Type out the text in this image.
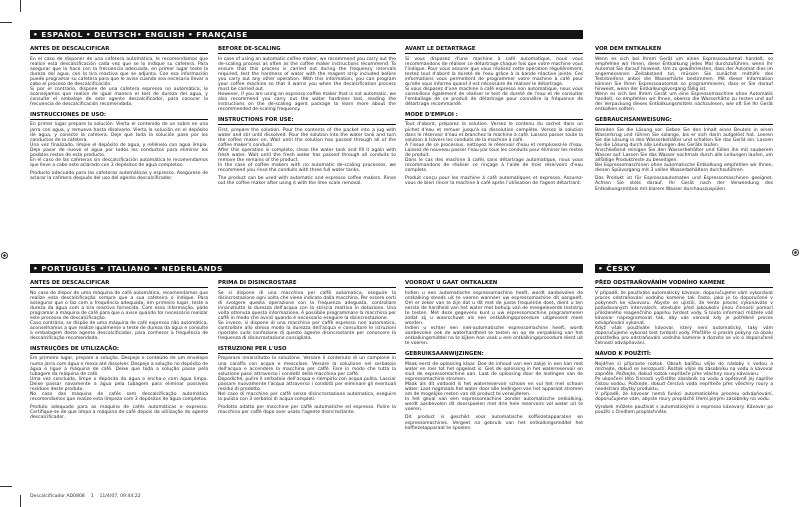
• ESPAÑOL • DEUTSCH• ENGLISH • FRANÇAISE
• PORTUGUÊS • ITALIANO • NEDERLANDS	• ČESKY
ANTES DE DESCALCIFICAR

En el caso de disponer de una cafetera automática, le recomendamos que realice esta descalcificación cada vez que se lo indique su cafetera. Para asegurar que lo hace con la frecuencia adecuada, en primer lugar teste la dureza del agua, con la tira reactiva que se adjunta. Con esa información puede programar su cafetera para que le avise cuando sea necesario llevar a cabo el proceso de descalcificación.

Si por el contrario, dispone de una cafetera espresso no automática, le aconsejamos que realice de igual manera el test de dureza del agua, y consulte el embalaje de este agente descalcificador, para conocer la frecuencia de descalcificación recomendada.

INSTRUCCIONES DE USO:

En primer lugar prepare la solución. Vierta el contenido de un sobre en una jarra con agua, y remueva hasta disolverlo. Vierta la solución en el depósito de agua, y conecte la cafetera. Deje que toda la solución pase por los conductos de la cafetera.

Una vez finalizado, limpie el depósito de agua, y rellénelo con agua limpia. Deje pasar de nuevo el agua por todos los conductos para eliminar los posibles restos de este producto.

En el caso de las cafeteras sin descalcificación automática le recomendamos que lleve a cabo este aclarado con 3 depósitos de agua completos.

Producto adecuado para las cafeteras automáticas y espresso. Asegúrese de aclarar la cafetera después del uso del agente descalcificador.

BEFORE DE-SCALING

In case of using an automatic coffee maker, we recommend you carry out the de-scaling process as often as the coffee maker instructions recommend. To ensure that this process is carried out during the frequency intervals required, test the hardness of water with the reagent strip included before you carry out any other operation. With this information, you can program your coffee machine so that it warns you when the decalcification process must be carried out.

However, if you are using an espresso coffee maker that is not automatic, we also recommend you carry out the water hardness test, reading the instructions on the de-scaling agent package to learn more about the recommended de-scaling frequency.

INSTRUCTIONS FOR USE:

First, prepare the solution. Pour the contents of the packet into a jug with water and stir until dissolved. Pour the solution into the water tank and turn the coffee maker on. Wait until the solution has passed through all of the coffee maker's conduits.

After this operation is complete, clean the water tank and fill it again with fresh water. Wait until the fresh water has passed through all conduits to remove the remains of the product.

In the case of coffee makers with no automatic de-scaling processes, we recommend you rinse the conduits with three full water tanks.

The product can be used with automatic and espresso coffee makers. Rinse out the coffee maker after using it with the lime scale removal.

AVANT LE DETARTRAGE

Si vous disposez d'une machine à café automatique, nous vous recommandons de réaliser ce détartrage chaque fois que votre machine vous l'indique. Pour vous assurer que vous réalisez cette opération régulièrement, testez tout d'abord la dureté de l'eau grâce à la bande réactive jointe. Ces informations vous permettent de programmer votre machine à café pour qu'elle vous informe quand il est nécessaire de réaliser le détartrage.

Si vous disposez d'une machine à café espresso non automatique, nous vous conseillons également de réaliser le test de dureté de l'eau et de consulter l'emballage de ce produit de détartrage pour connaître la fréquence de détartrage recommandé.

MODE D'EMPLOI :

Tout d'abord, préparez la solution. Versez le contenu du sachet dans un pichet d'eau et remuer jusqu'à sa dissolution complète. Versez la solution dans le réservoir d'eau et branchez la machine à café. Laissez passer toute la solution à travers les conduits de la machine à café.

A l'issue de ce processus, nettoyez le réservoir d'eau et remplissez-le d'eau. Laissez de nouveau passer l'eau par tous les conduits pour éliminer les restes de produit.

Dans le cas des machine à cafés sans détartrage automatique, nous vous recommandons de réaliser ce rinçage à l'aide de trois réservoirs d'eau complets.

Produit conçu pour les machine à café automatiques et expresso. Assurez-vous de bien rincer la machine à café après l'utilisation de l'agent détartrant.

VOR DEM ENTKALKEN

Wenn es sich bei Ihrem Gerät um einen Espressoautomat handelt, so empfehlen wir Ihnen, diese Entkalkung jedes Mal durchzuführen, wenn Ihr Automat Sie darauf hinweist. Um zu gewährleisten, dass der Automat dies im angemessenen Zeitabstand tut, müssen Sie zunächst mithilfe des Teststreifens anbei die Wasserhärte bestimmen. Mit dieser Information können Sie Ihren Espressoautomat so programmieren, dass er Sie darauf hinweist, wenn der Entkalkungsvorgang fällig ist.

Wenn es sich bei Ihrem Gerät um eine Espressomaschine ohne Automatik handelt, so empfehlen wir Ihnen, ebenso die Wasserhärte zu testen und auf der Verpackung dieses Entkalkungsmittels nachzulesen, wie oft Sie Ihr Gerät entkalken sollten.

GEBRAUCHSANWEISUNG:

Bereiten Sie die Lösung vor. Geben Sie den Inhalt eines Beutels in einen Wasserkrug und rühren Sie solange, bis er sich darin aufgelöst hat. Leeren Sie die Lösung in den Wasserbehälter und schalten Sie das Gerät ein. Lassen Sie die Lösung durch alle Leitungen des Geräts laufen.

Anschließend reinigen Sie den Wasserbehälter und füllen ihn mit sauberem Wasser auf. Lassen Sie das Wasser nochmals durch alle Leitungen laufen, um allfällige Produktreste zu beseitigen.

Bei Espressomaschinen ohne automatische Entkalkung empfehlen wir Ihnen, diesen Spülvorgang mit 3 vollen Wasserbehältern durchzuführen.

Das Produkt ist für Espressoautomaten und Espressomaschinen geeignet. Achten Sie stets darauf, Ihr Gerät nach der Verwendung des Entkalkungsmittels mit klarem Wasser durchauszuspülen.

ANTES DE DESCALCIFICAR

No caso de dispor de uma máquina de café automática, recomendamos que realize esta descalcificação sempre que a sua cafeteira o indique. Para assegurar que o faz com a frequência adequada, em primeiro lugar, teste a dureza da água com a tira reactiva fornecida. Com essa informação, pode programar a máquina de café para que o avise quando for necessário realizar este processo de descalcificação.

Caso contrário, se dispõe de uma máquina de café expresso não automática, aconselhamos a que realize igualmente o teste de dureza da água e consulte a embalagem deste agente descalcificador, para conhecer a frequência de descalcificação recomendada.

INSTRUÇÕES DE UTILIZAÇÃO:

Em primeiro lugar, prepare a solução. Despeje o conteúdo de um envelope numa jarra com água e mexa até dissolver. Despeje a solução no depósito de água e ligue a máquina de café. Deixe que toda a solução passe pela tubagem da máquina de café.

Uma vez concluído, limpe o depósito da água e encha-o com água limpa. Deixe passar novamente a água pela tubagem para eliminar possíveis resíduos deste produto.

No caso das máquina de cafés sem descalcificação automática recomendamos que realize esta limpeza com 3 depósitos de água completos.

Produto adequado para as máquina de cafés automáticas e expresso. Certifique-se de que limpa a máquina de café depois da utilização do agente descalcificador.

PRIMA DI DISINCROSTARE

Se si dispone di una macchina per caffè automatica, eseguire la disincrostazione ogni volta che viene indicato dalla macchina. Per essere certi di svolgere questa operazione con la frequenza adeguata, controllare innanzitutto la durezza dell'acqua con la striscia reattiva in dotazione. Una volta ottenuta questa informazione, è possibile programmare la macchina per caffè in modo che avvisi quando è necessario eseguire la disincrostazione.

Se invece, si dispone di una macchina per caffè espresso non automatica, controllare allo stesso modo la durezza dell'acqua e consultare le istruzioni riportate sulla confezione di questo agente disincrostante per conoscere la frequenza di disincrostazione consigliata.

ISTRUZIONI PER L'USO

Preparare innanzitutto la soluzione. Versare il contenuto di un campione in una caraffa con acqua e mescolare. Versare la soluzione nel serbatoio dell'acqua e accendere la macchina per caffè. Fare in modo che tutta la soluzione passi attraverso i condotti della macchina per caffè.

Dopodiché, pulire il serbatoio dell'acqua e riempirlo con acqua pulita. Lasciar passare nuovamente l'acqua attraverso i condotti per eliminare gli eventuali residui di prodotto.

Nel caso di macchine per caffè senza disincrostazione automatica, eseguire la pulizia con 3 serbatoi di acqua completi.

Prodotto adatto per macchine per caffè automatiche ed espresso. Pulire la macchina per caffè dopo aver usato l'agente disincrostante.

VOORDAT U GAAT ONTKALKEN

Indien u een automatische espressomachine heeft, wordt aanbevolen de ontkalking steeds uit te voeren wanneer uw espressomachine dit aangeeft. Om er zeker van te zijn dat u dit met de juiste frequentie doet, dient u ten eerste de hardheid van het water met behulp van de meegeleverde teststrip te testen. Met deze gegevens kunt u uw espressomachine programmeren zodat zij u waarschuwt als een ontkalkingsprocedure uitgevoerd moet worden.

Indien u echter een niet-automatische espressomachine heeft, wordt aanbevolen ook de waterhardheid te testen en op de verpakking van het ontkalkingsmiddel na te kijken hoe vaak u een ontkalkingsprocedure dient uit te voeren.

GEBRUIKSAANWIJZINGEN:

Maak eerst de oplossing klaar. Doe de inhoud van een zakje in een kan met water en roer tot het opgelost is. Giet de oplossing in het waterreservoir en sluit de espressomachine aan. Laat de oplossing door de leidingen van de espressomachine stromen.

Maak als dit voltooid is het waterreservoir schoon en vul het met schoon water. Laat nogmaals het water door alle leidingen van het apparaat stromen om de mogelijke resten van dit product te verwijderen.

In het geval van een espressomachine zonder automatische ontkalking, wordt aanbevolen dit doorspoelen met drie hele reservoirs vol water uit te voeren.

Dit product is geschikt voor automatische koffiezetapparaten en espressomachines. Vergeet na gebruik van het ontkalkingsmiddel het koffiezetapparaat te spoelen.

PŘED ODSTRAŇOVÁNÍM VODNÍHO KAMENE

V případě, že používáte automatický kávovar, doporučujeme vám vykonávat proces odstraňování vodního kamene tak často, jako je to doporučené v pokynech ke kávovaru. Abyste se ujistili, že tento proces vykonáváte v požadovaných intervalech, otestujte před jakoukoliv jinou činností pomocí přiloženého reagenčního papírku tvrdost vody. S touto informací můžete váš kávovar naprogramovat tak, aby vás varoval kdy je potřebné proces odvápňování vykonat.

Když však používáte kávovar, který není automatický, taky vám doporučujeme vykonat test tvrdosti vody. Přečtěte si prosím pokyny na obalu prostředku pro odstraňování vodního kamene a dozvíte se víc o doporučené četnosti odvápňování.

NÁVOD K POUŽITÍ:

Nejdříve si připravte roztok. Obsah balíčku vlijte do nádoby s vodou a míchejte, dokud se nerozpustí. Roztok vlijte do zásobníku na vodu a kávovar zapněte. Počkejte, dokud roztok nepřiteče přes všechny roury kávovaru.

Po ukončení této činnosti vyčistěte zásobník na vodu a opětovně jej naplňte čistou vodou. Počkejte, dokud čerstvá voda nepřiteče přes všechny roury a neodstraní zbytky produktu.

V případě, že kávovar nemá funkci automatického procesu odvápňování, doporučujeme vám, abyste roury propláchli třemi plnými zásobníky na vodu.

Výrobek můžete používat s automatickými a espresso kávovary. Kávovar po použití s činidlem propláchněte.

Descalcificador AD0808    1    11/4/07, 09:44:22
